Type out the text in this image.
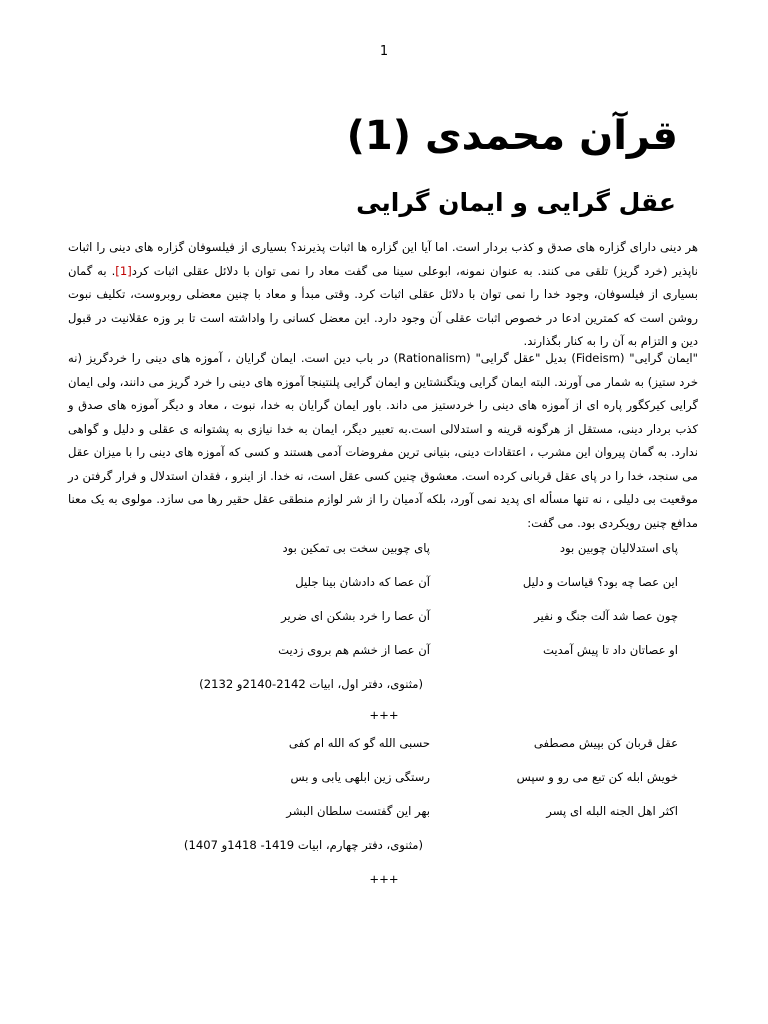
1
قرآن محمدی (1)
عقل گرایی و ایمان گرایی

هر دینی دارای گزاره های صدق و کذب بردار است. اما آیا این گزاره ها اثبات پذیرند؟ بسیاری از فیلسوفان گزاره های دینی را اثبات ناپذیر (خرد گریز) تلقی می کنند. به عنوان نمونه، ابوعلی سینا می گفت معاد را نمی توان با دلائل عقلی اثبات کرد[1]. به گمان بسیاری از فیلسوفان، وجود خدا را نمی توان با دلائل عقلی اثبات کرد. وقتی مبدأ و معاد با چنین معضلی روبروست، تکلیف نبوت روشن است که کمترین ادعا در خصوص اثبات عقلی آن وجود دارد. این معضل کسانی را واداشته است تا بر وزه عقلانیت در قبول دین و التزام به آن را به کنار بگذارند.

"ایمان گرایی" (Fideism) بدیل "عقل گرایی" (Rationalism) در باب دین است. ایمان گرایان ، آموزه های دینی را خردگریز (نه خرد ستیز) به شمار می آورند. البته ایمان گرایی ویتگنشتاین و ایمان گرایی پلنتینجا آموزه های دینی را خرد گریز می دانند، ولی ایمان گرایی کیرکگور پاره ای از آموزه های دینی را خردستیز می داند. باور ایمان گرایان به خدا، نبوت ، معاد و دیگر آموزه های صدق و کذب بردار دینی، مستقل از هرگونه قرینه و استدلالی است.به تعبیر دیگر، ایمان به خدا نیازی به پشتوانه ی عقلی و دلیل و گواهی ندارد. به گمان پیروان این مشرب ، اعتقادات دینی، بنیانی ترین مفروضات آدمی هستند و کسی که آموزه های دینی را با میزان عقل می سنجد، خدا را در پای عقل قربانی کرده است. معشوق چنین کسی عقل است، نه خدا. از اینرو ، فقدان استدلال و فرار گرفتن در موقعیت بی دلیلی ، نه تنها مسأله ای پدید نمی آورد، بلکه آدمیان را از شر لوازم منطقی عقل حقیر رها می سازد. مولوی به یک معنا مدافع چنین رویکردی بود. می گفت:

پای استدلالیان چوبین بود
پای چوبین سخت بی تمکین بود
این عصا چه بود؟ قیاسات و دلیل
آن عصا که دادشان بینا جلیل
چون عصا شد آلت جنگ و نفیر
آن عصا را خرد بشکن ای ضریر
او عصاتان داد تا پیش آمدیت
آن عصا از خشم هم بروی زدیت
(مثنوی، دفتر اول، ابیات 2142-2140و 2132)
+++
عقل قربان کن بپیش مصطفی
حسبی الله گو که الله ام کفی
خویش ابله کن تبع می رو و سپس
رستگی زین ابلهی یابی و بس
اکثر اهل الجنه البله ای پسر
بهر این گفتست سلطان البشر
(مثنوی، دفتر چهارم، ابیات 1419- 1418و 1407)
+++
